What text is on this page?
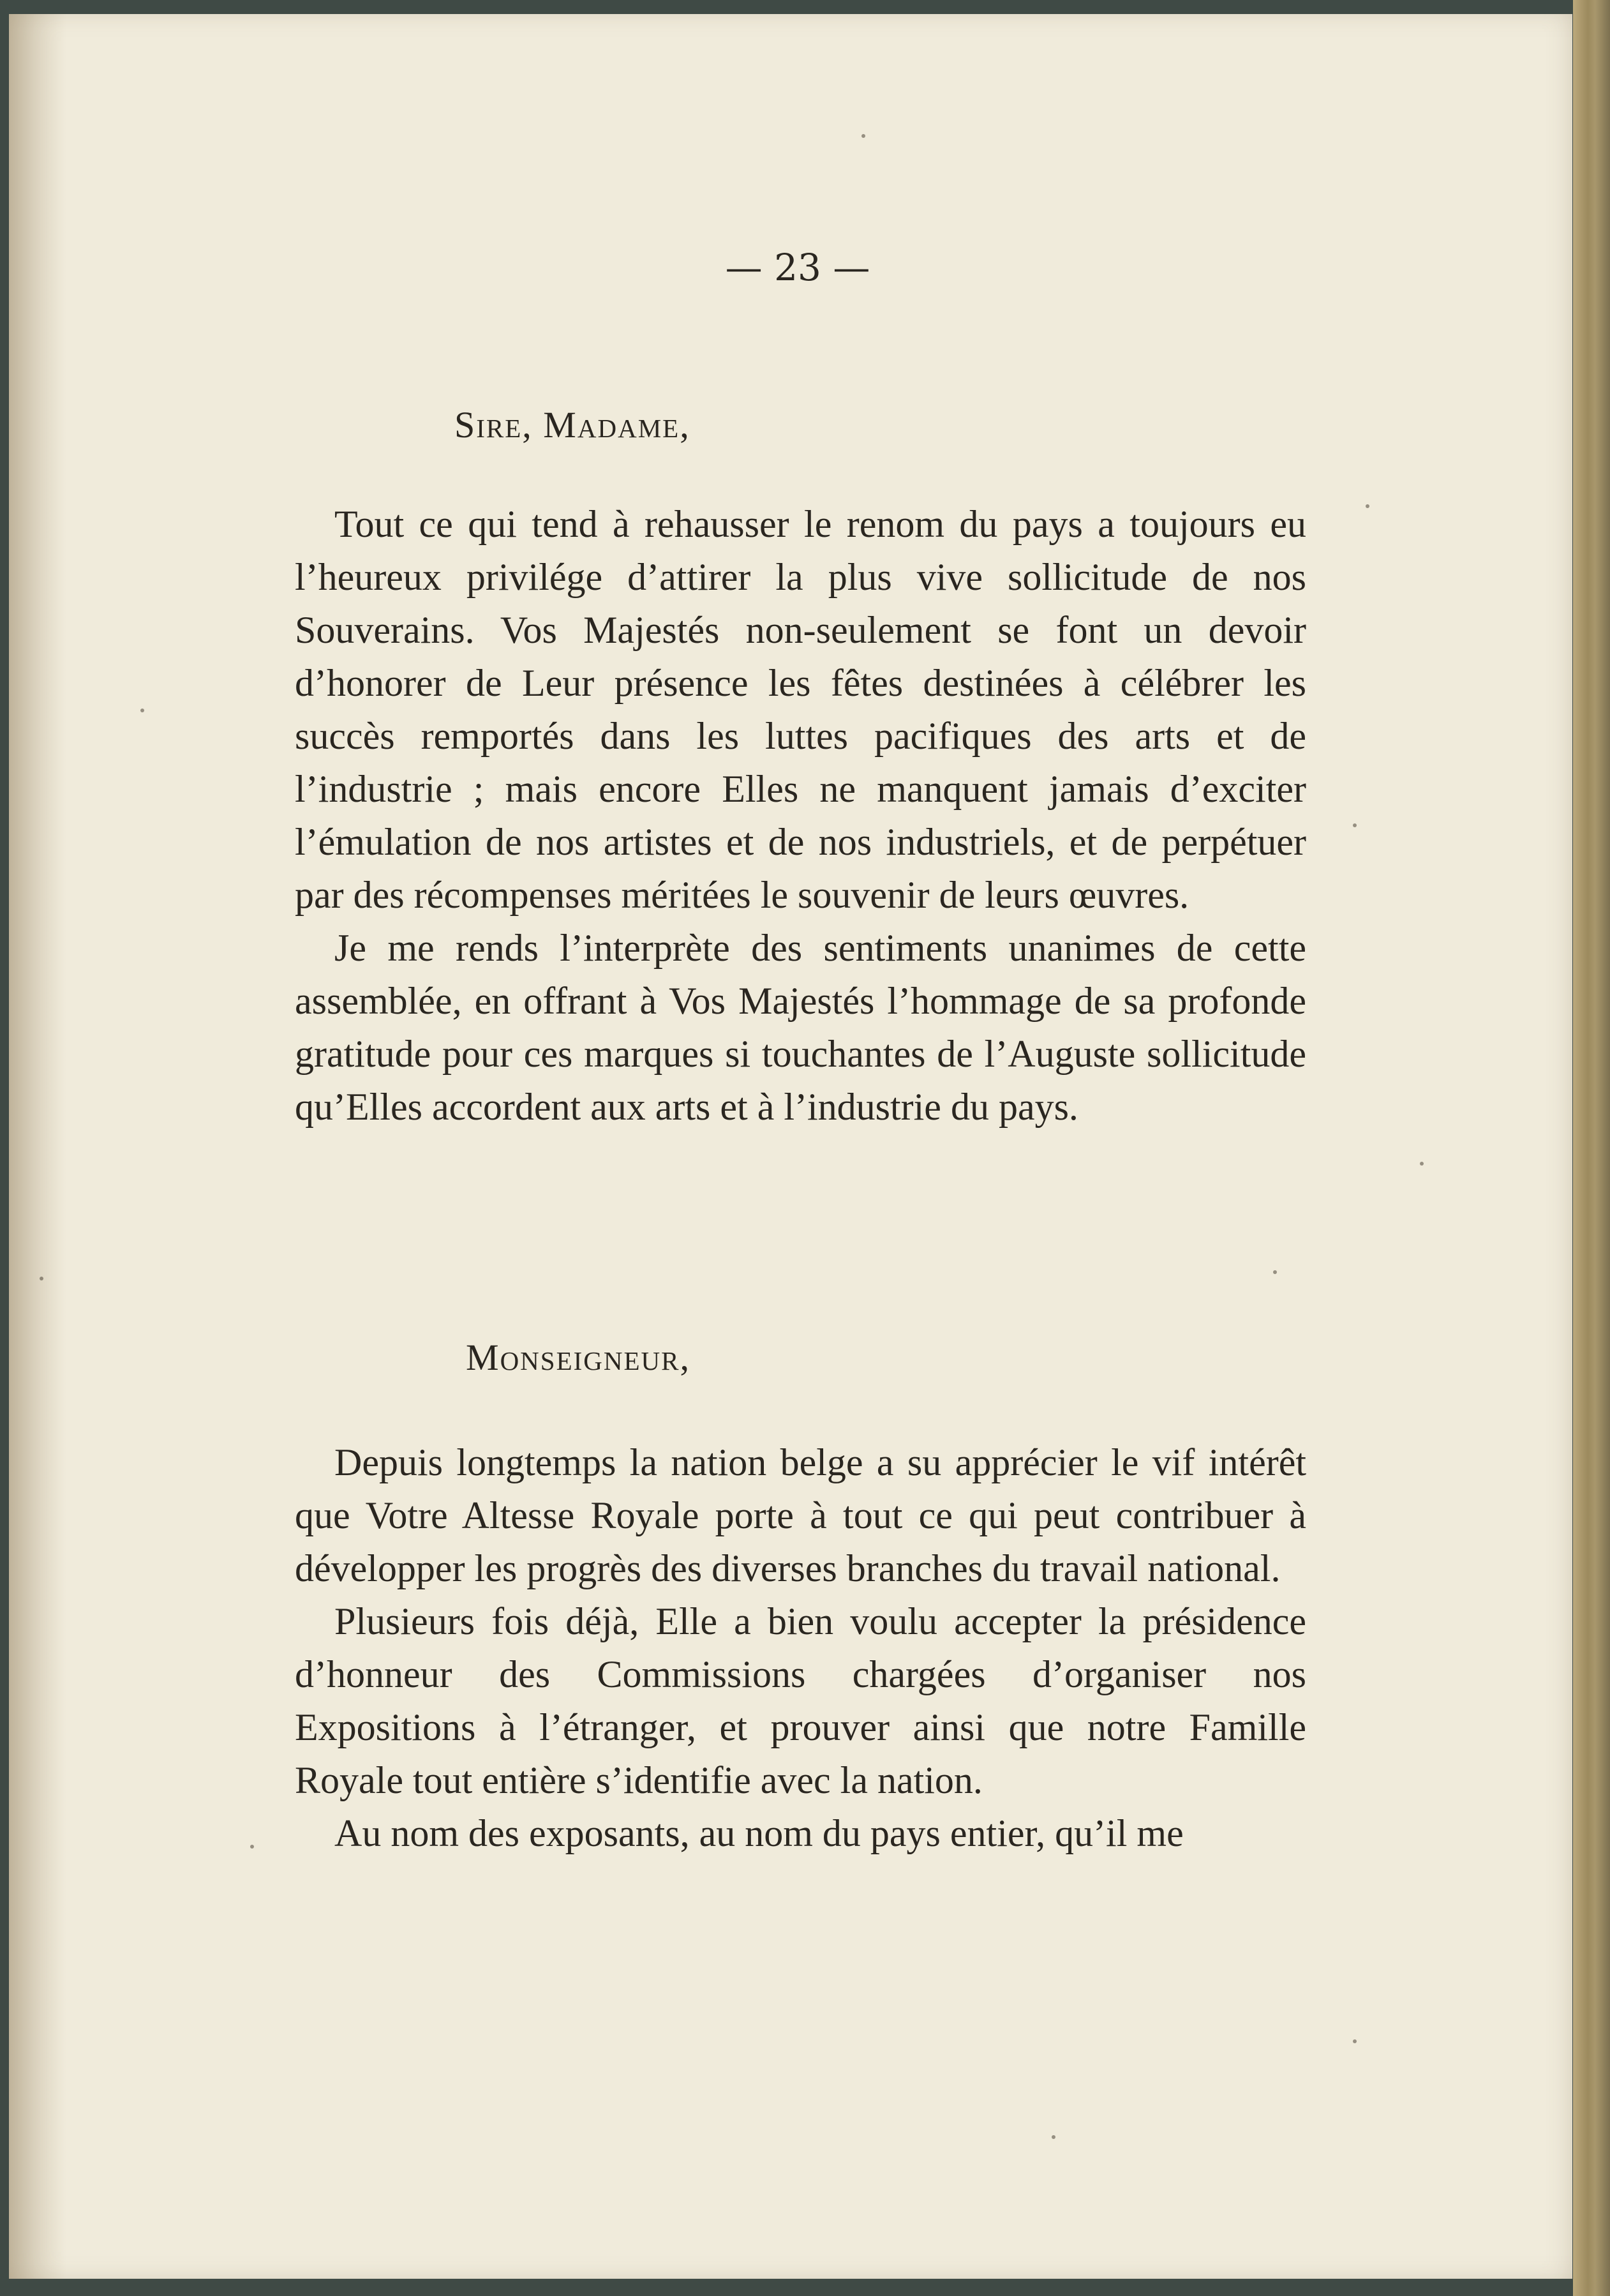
— 23 —
Sire, Madame,

Tout ce qui tend à rehausser le renom du pays a toujours eu l’heureux privilége d’attirer la plus vive sollicitude de nos Souverains. Vos Majestés non-seulement se font un devoir d’honorer de Leur présence les fêtes destinées à célébrer les succès remportés dans les luttes pacifiques des arts et de l’industrie ; mais encore Elles ne manquent jamais d’exciter l’émulation de nos artistes et de nos industriels, et de perpétuer par des récompenses méritées le souvenir de leurs œuvres.

Je me rends l’interprète des sentiments unanimes de cette assemblée, en offrant à Vos Majestés l’hommage de sa profonde gratitude pour ces marques si touchantes de l’Auguste sollicitude qu’Elles accordent aux arts et à l’industrie du pays.

Monseigneur,

Depuis longtemps la nation belge a su apprécier le vif intérêt que Votre Altesse Royale porte à tout ce qui peut contribuer à développer les progrès des diverses branches du travail national.

Plusieurs fois déjà, Elle a bien voulu accepter la présidence d’honneur des Commissions chargées d’organiser nos Expositions à l’étranger, et prouver ainsi que notre Famille Royale tout entière s’identifie avec la nation.

Au nom des exposants, au nom du pays entier, qu’il me
